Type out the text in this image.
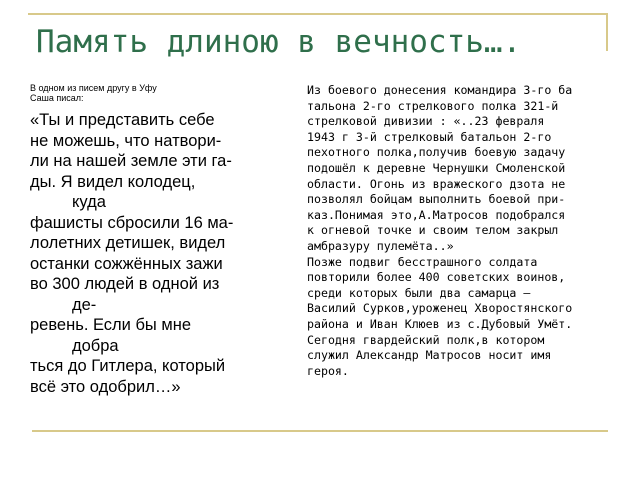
Память длиною в вечность….

В одном из писем другу в Уфу
Саша писал:

«Ты и представить себе
не можешь, что натвори-
ли на нашей земле эти га-
ды. Я видел колодец,
куда
фашисты сбросили 16 ма-
лолетних детишек, видел
останки сожжённых зажи
во 300 людей в одной из
де-
ревень. Если бы мне
добра
ться до Гитлера, который
всё это одобрил…»

Из боевого донесения командира 3-го ба
тальона 2-го стрелкового полка 321-й
стрелковой дивизии : «..23 февраля
1943 г 3-й стрелковый батальон 2-го
пехотного полка,получив боевую задачу
подошёл к деревне Чернушки Смоленской
области. Огонь из вражеского дзота не
позволял бойцам выполнить боевой при-
каз.Понимая это,А.Матросов подобрался
к огневой точке и своим телом закрыл
амбразуру пулемёта..»
Позже подвиг бесстрашного солдата
повторили более 400 советских воинов,
среди которых были два самарца –
Василий Сурков,уроженец Хворостянского
района и Иван Клюев из с.Дубовый Умёт.
Сегодня гвардейский полк,в котором
служил Александр Матросов носит имя
героя.
